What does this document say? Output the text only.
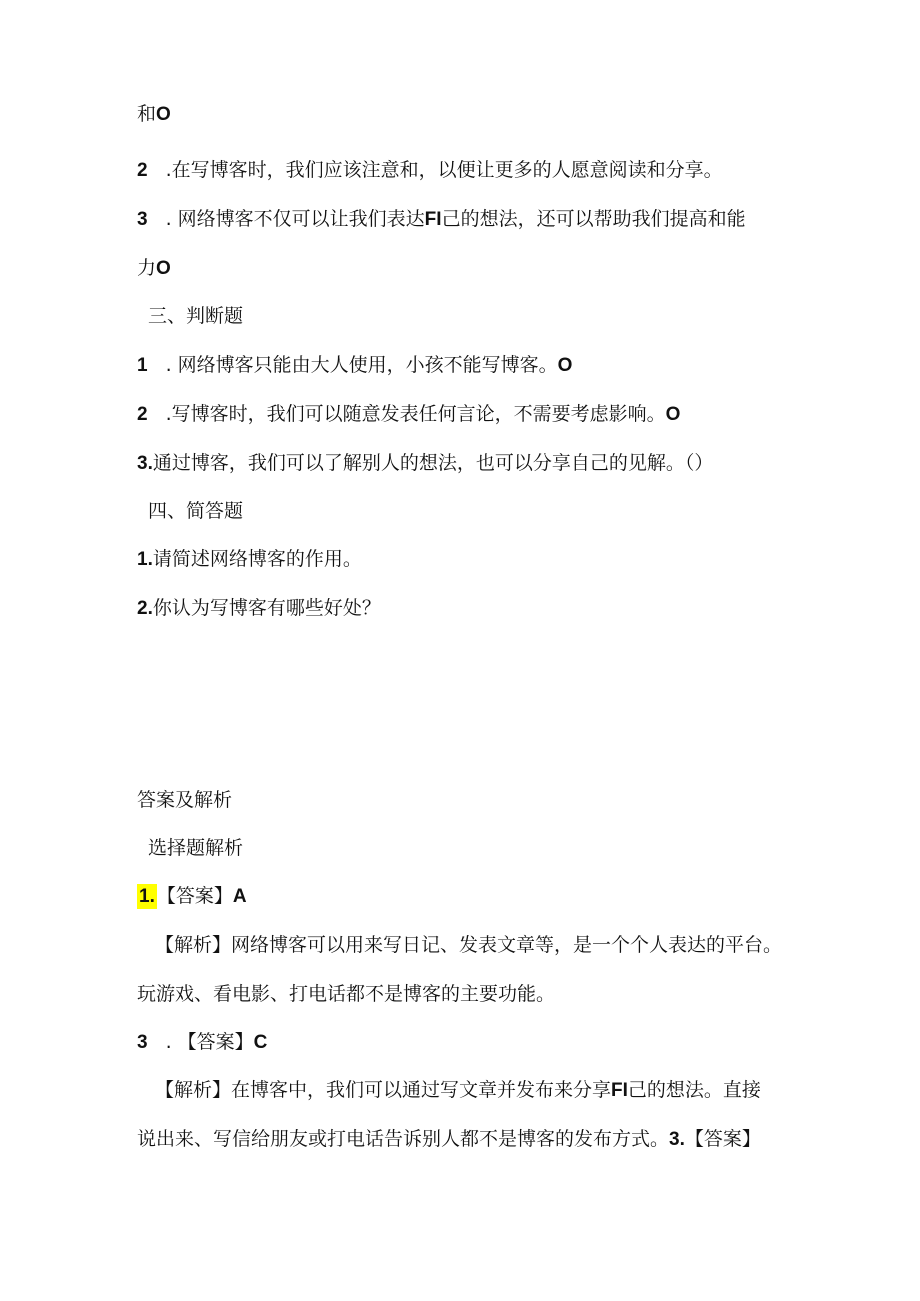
和O
2 .在写博客时，我们应该注意和，以便让更多的人愿意阅读和分享。
3 . 网络博客不仅可以让我们表达FI己的想法，还可以帮助我们提高和能
力O
三、判断题
1 . 网络博客只能由大人使用，小孩不能写博客。O
2 .写博客时，我们可以随意发表任何言论，不需要考虑影响。O
3.通过博客，我们可以了解别人的想法，也可以分享自己的见解。（）
四、简答题
1.请简述网络博客的作用。
2.你认为写博客有哪些好处？
答案及解析
选择题解析
1. 【答案】A
【解析】网络博客可以用来写日记、发表文章等，是一个个人表达的平台。
玩游戏、看电影、打电话都不是博客的主要功能。
3 . 【答案】C
【解析】在博客中，我们可以通过写文章并发布来分享FI己的想法。直接
说出来、写信给朋友或打电话告诉别人都不是博客的发布方式。3.【答案】
